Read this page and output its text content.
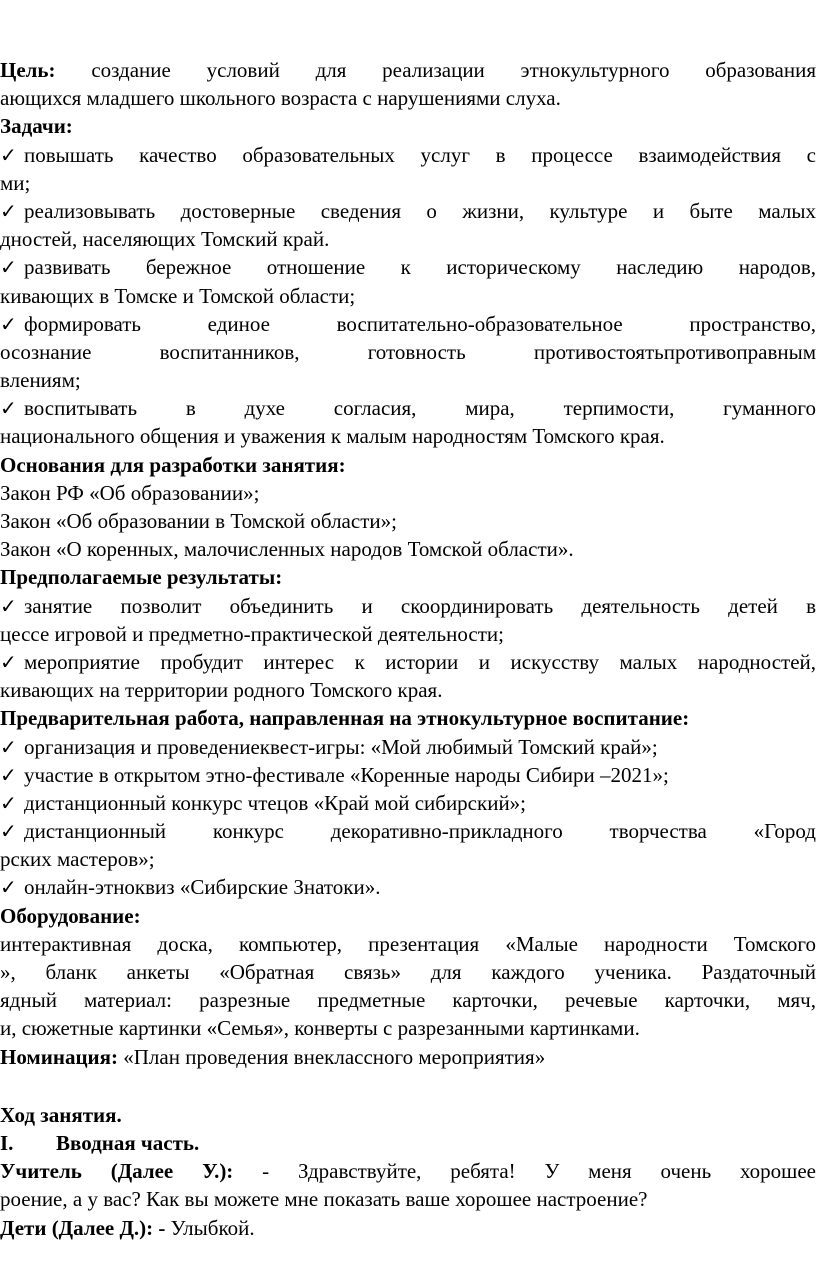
Цель: создание условий для реализации этнокультурного образования
ающихся младшего школьного возраста с нарушениями слуха.
Задачи:
✓ повышать качество образовательных услуг в процессе взаимодействия с
ми;
✓ реализовывать достоверные сведения о жизни, культуре и быте малых
дностей, населяющих Томский край.
✓ развивать бережное отношение к историческому наследию народов,
кивающих в Томске и Томской области;
✓ формировать единое воспитательно-образовательное пространство,
осознание воспитанников, готовность противостоятьпротивоправным
влениям;
✓ воспитывать в духе согласия, мира, терпимости, гуманного
национального общения и уважения к малым народностям Томского края.
Основания для разработки занятия:
Закон РФ «Об образовании»;
Закон «Об образовании в Томской области»;
Закон «О коренных, малочисленных народов Томской области».
Предполагаемые результаты:
✓ занятие позволит объединить и скоординировать деятельность детей в
цессе игровой и предметно-практической деятельности;
✓ мероприятие пробудит интерес к истории и искусству малых народностей,
кивающих на территории родного Томского края.
Предварительная работа, направленная на этнокультурное воспитание:
✓ организация и проведениеквест-игры: «Мой любимый Томский край»;
✓ участие в открытом этно-фестивале «Коренные народы Сибири –2021»;
✓ дистанционный конкурс чтецов «Край мой сибирский»;
✓ дистанционный конкурс декоративно-прикладного творчества «Город
рских мастеров»;
✓ онлайн-этноквиз «Сибирские Знатоки».
Оборудование:
интерактивная доска, компьютер, презентация «Малые народности Томского
», бланк анкеты «Обратная связь» для каждого ученика. Раздаточный
ядный материал: разрезные предметные карточки, речевые карточки, мяч,
и, сюжетные картинки «Семья», конверты с разрезанными картинками.
Номинация: «План проведения внеклассного мероприятия»
Ход занятия.
I. Вводная часть.
Учитель (Далее У.): - Здравствуйте, ребята! У меня очень хорошее
роение, а у вас? Как вы можете мне показать ваше хорошее настроение?
Дети (Далее Д.): - Улыбкой.
